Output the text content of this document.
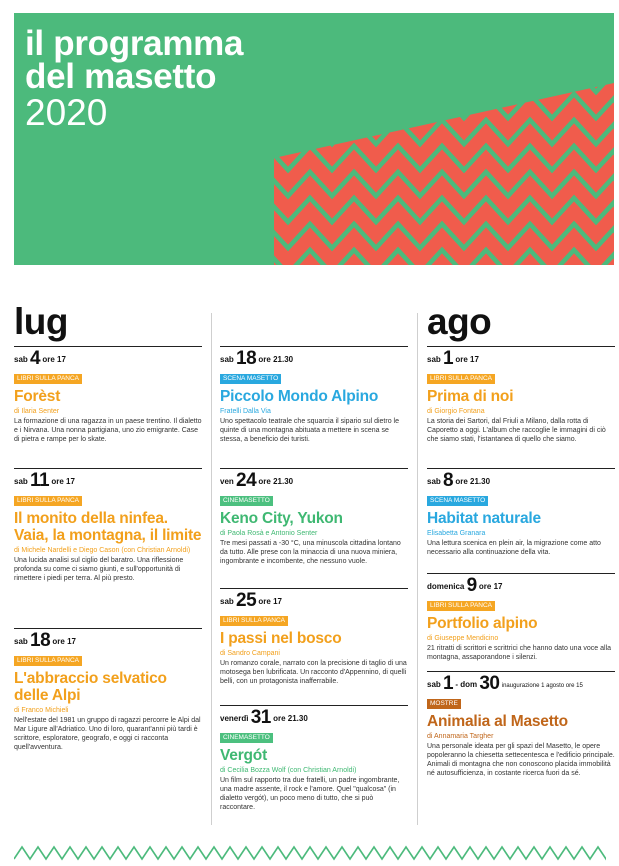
il programma
del masetto
2020
lug
sab 4 ore 17
LIBRI SULLA PANCA
Forèst
di Ilaria Senter
La formazione di una ragazza in un paese trentino. Il dialetto e i Nirvana. Una nonna partigiana, uno zio emigrante. Case di pietra e rampe per lo skate.
sab 11 ore 17
LIBRI SULLA PANCA
Il monito della ninfea. Vaia, la montagna, il limite
di Michele Nardelli e Diego Cason (con Christian Arnoldi)
Una lucida analisi sul ciglio del baratro. Una riflessione profonda su come ci siamo giunti, e sull'opportunità di rimettere i piedi per terra. Al più presto.
sab 18 ore 17
LIBRI SULLA PANCA
L'abbraccio selvatico delle Alpi
di Franco Michieli
Nell'estate del 1981 un gruppo di ragazzi percorre le Alpi dal Mar Ligure all'Adriatico. Uno di loro, quarant'anni più tardi è scrittore, esploratore, geografo, e oggi ci racconta quell'avventura.
sab 18 ore 21.30
SCENA MASETTO
Piccolo Mondo Alpino
Fratelli Dalla Via
Uno spettacolo teatrale che squarcia il sipario sul dietro le quinte di una montagna abituata a mettere in scena se stessa, a beneficio dei turisti.
ven 24 ore 21.30
CINEMASETTO
Keno City, Yukon
di Paola Rosà e Antonio Senter
Tre mesi passati a -30 °C, una minuscola cittadina lontano da tutto. Alle prese con la minaccia di una nuova miniera, ingombrante e incombente, che nessuno vuole.
sab 25 ore 17
LIBRI SULLA PANCA
I passi nel bosco
di Sandro Campani
Un romanzo corale, narrato con la precisione di taglio di una motosega ben lubrificata. Un racconto d'Appennino, di quelli belli, con un protagonista inafferrabile.
venerdì 31 ore 21.30
CINEMASETTO
Vergót
di Cecilia Bozza Wolf (con Christian Arnoldi)
Un film sul rapporto tra due fratelli, un padre ingombrante, una madre assente, il rock e l'amore. Quel "qualcosa" (in dialetto vergót), un poco meno di tutto, che si può raccontare.
ago
sab 1 ore 17
LIBRI SULLA PANCA
Prima di noi
di Giorgio Fontana
La storia dei Sartori, dal Friuli a Milano, dalla rotta di Caporetto a oggi. L'album che raccoglie le immagini di ciò che siamo stati, l'istantanea di quello che siamo.
sab 8 ore 21.30
SCENA MASETTO
Habitat naturale
Elisabetta Granara
Una lettura scenica en plein air, la migrazione come atto necessario alla continuazione della vita.
domenica 9 ore 17
LIBRI SULLA PANCA
Portfolio alpino
di Giuseppe Mendicino
21 ritratti di scrittori e scrittrici che hanno dato una voce alla montagna, assaporandone i silenzi.
sab 1 - dom 30 inaugurazione 1 agosto ore 15
MOSTRE
Animalia al Masetto
di Annamaria Targher
Una personale ideata per gli spazi del Masetto, le opere popoleranno la chiesetta settecentesca e l'edificio principale. Animali di montagna che non conoscono placida immobilità né autosufficienza, in costante ricerca fuori da sé.
